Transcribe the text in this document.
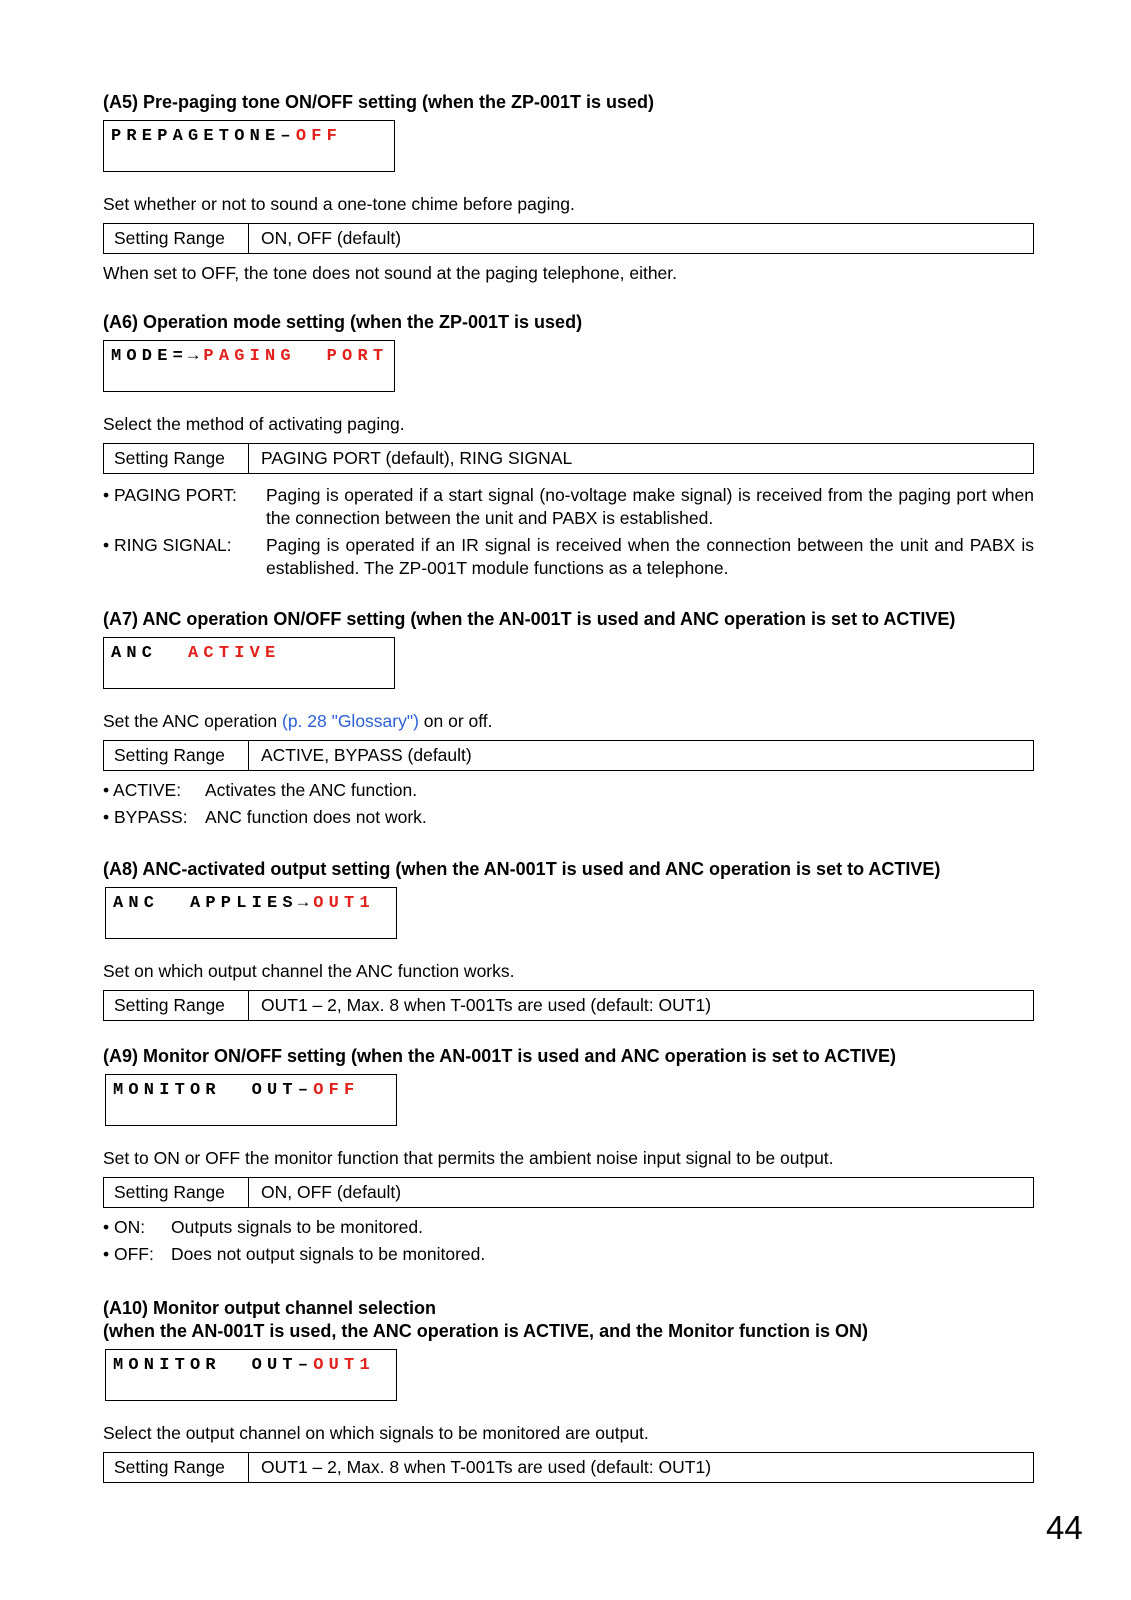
(A5) Pre-paging tone ON/OFF setting (when the ZP-001T is used)

PREPAGETONE–OFF
Set whether or not to sound a one-tone chime before paging.
Setting Range	ON, OFF (default)
When set to OFF, the tone does not sound at the paging telephone, either.

(A6) Operation mode setting (when the ZP-001T is used)

MODE=→PAGING  PORT
Select the method of activating paging.
Setting Range	PAGING PORT (default), RING SIGNAL
• PAGING PORT:	Paging is operated if a start signal (no-voltage make signal) is received from the paging port when the connection between the unit and PABX is established.
• RING SIGNAL:	Paging is operated if an IR signal is received when the connection between the unit and PABX is established. The ZP-001T module functions as a telephone.

(A7) ANC operation ON/OFF setting (when the AN-001T is used and ANC operation is set to ACTIVE)

ANC  ACTIVE
Set the ANC operation (p. 28 "Glossary") on or off.
Setting Range	ACTIVE, BYPASS (default)
• ACTIVE:	Activates the ANC function.
• BYPASS: ANC function does not work.

(A8) ANC-activated output setting (when the AN-001T is used and ANC operation is set to ACTIVE)

ANC  APPLIES→OUT1
Set on which output channel the ANC function works.
Setting Range	OUT1 – 2, Max. 8 when T-001Ts are used (default: OUT1)

(A9) Monitor ON/OFF setting (when the AN-001T is used and ANC operation is set to ACTIVE)

MONITOR  OUT–OFF
Set to ON or OFF the monitor function that permits the ambient noise input signal to be output.
Setting Range	ON, OFF (default)
• ON:	Outputs signals to be monitored.
• OFF: Does not output signals to be monitored.

(A10) Monitor output channel selection

(when the AN-001T is used, the ANC operation is ACTIVE, and the Monitor function is ON)

MONITOR  OUT–OUT1
Select the output channel on which signals to be monitored are output.
Setting Range	OUT1 – 2, Max. 8 when T-001Ts are used (default: OUT1)
44
